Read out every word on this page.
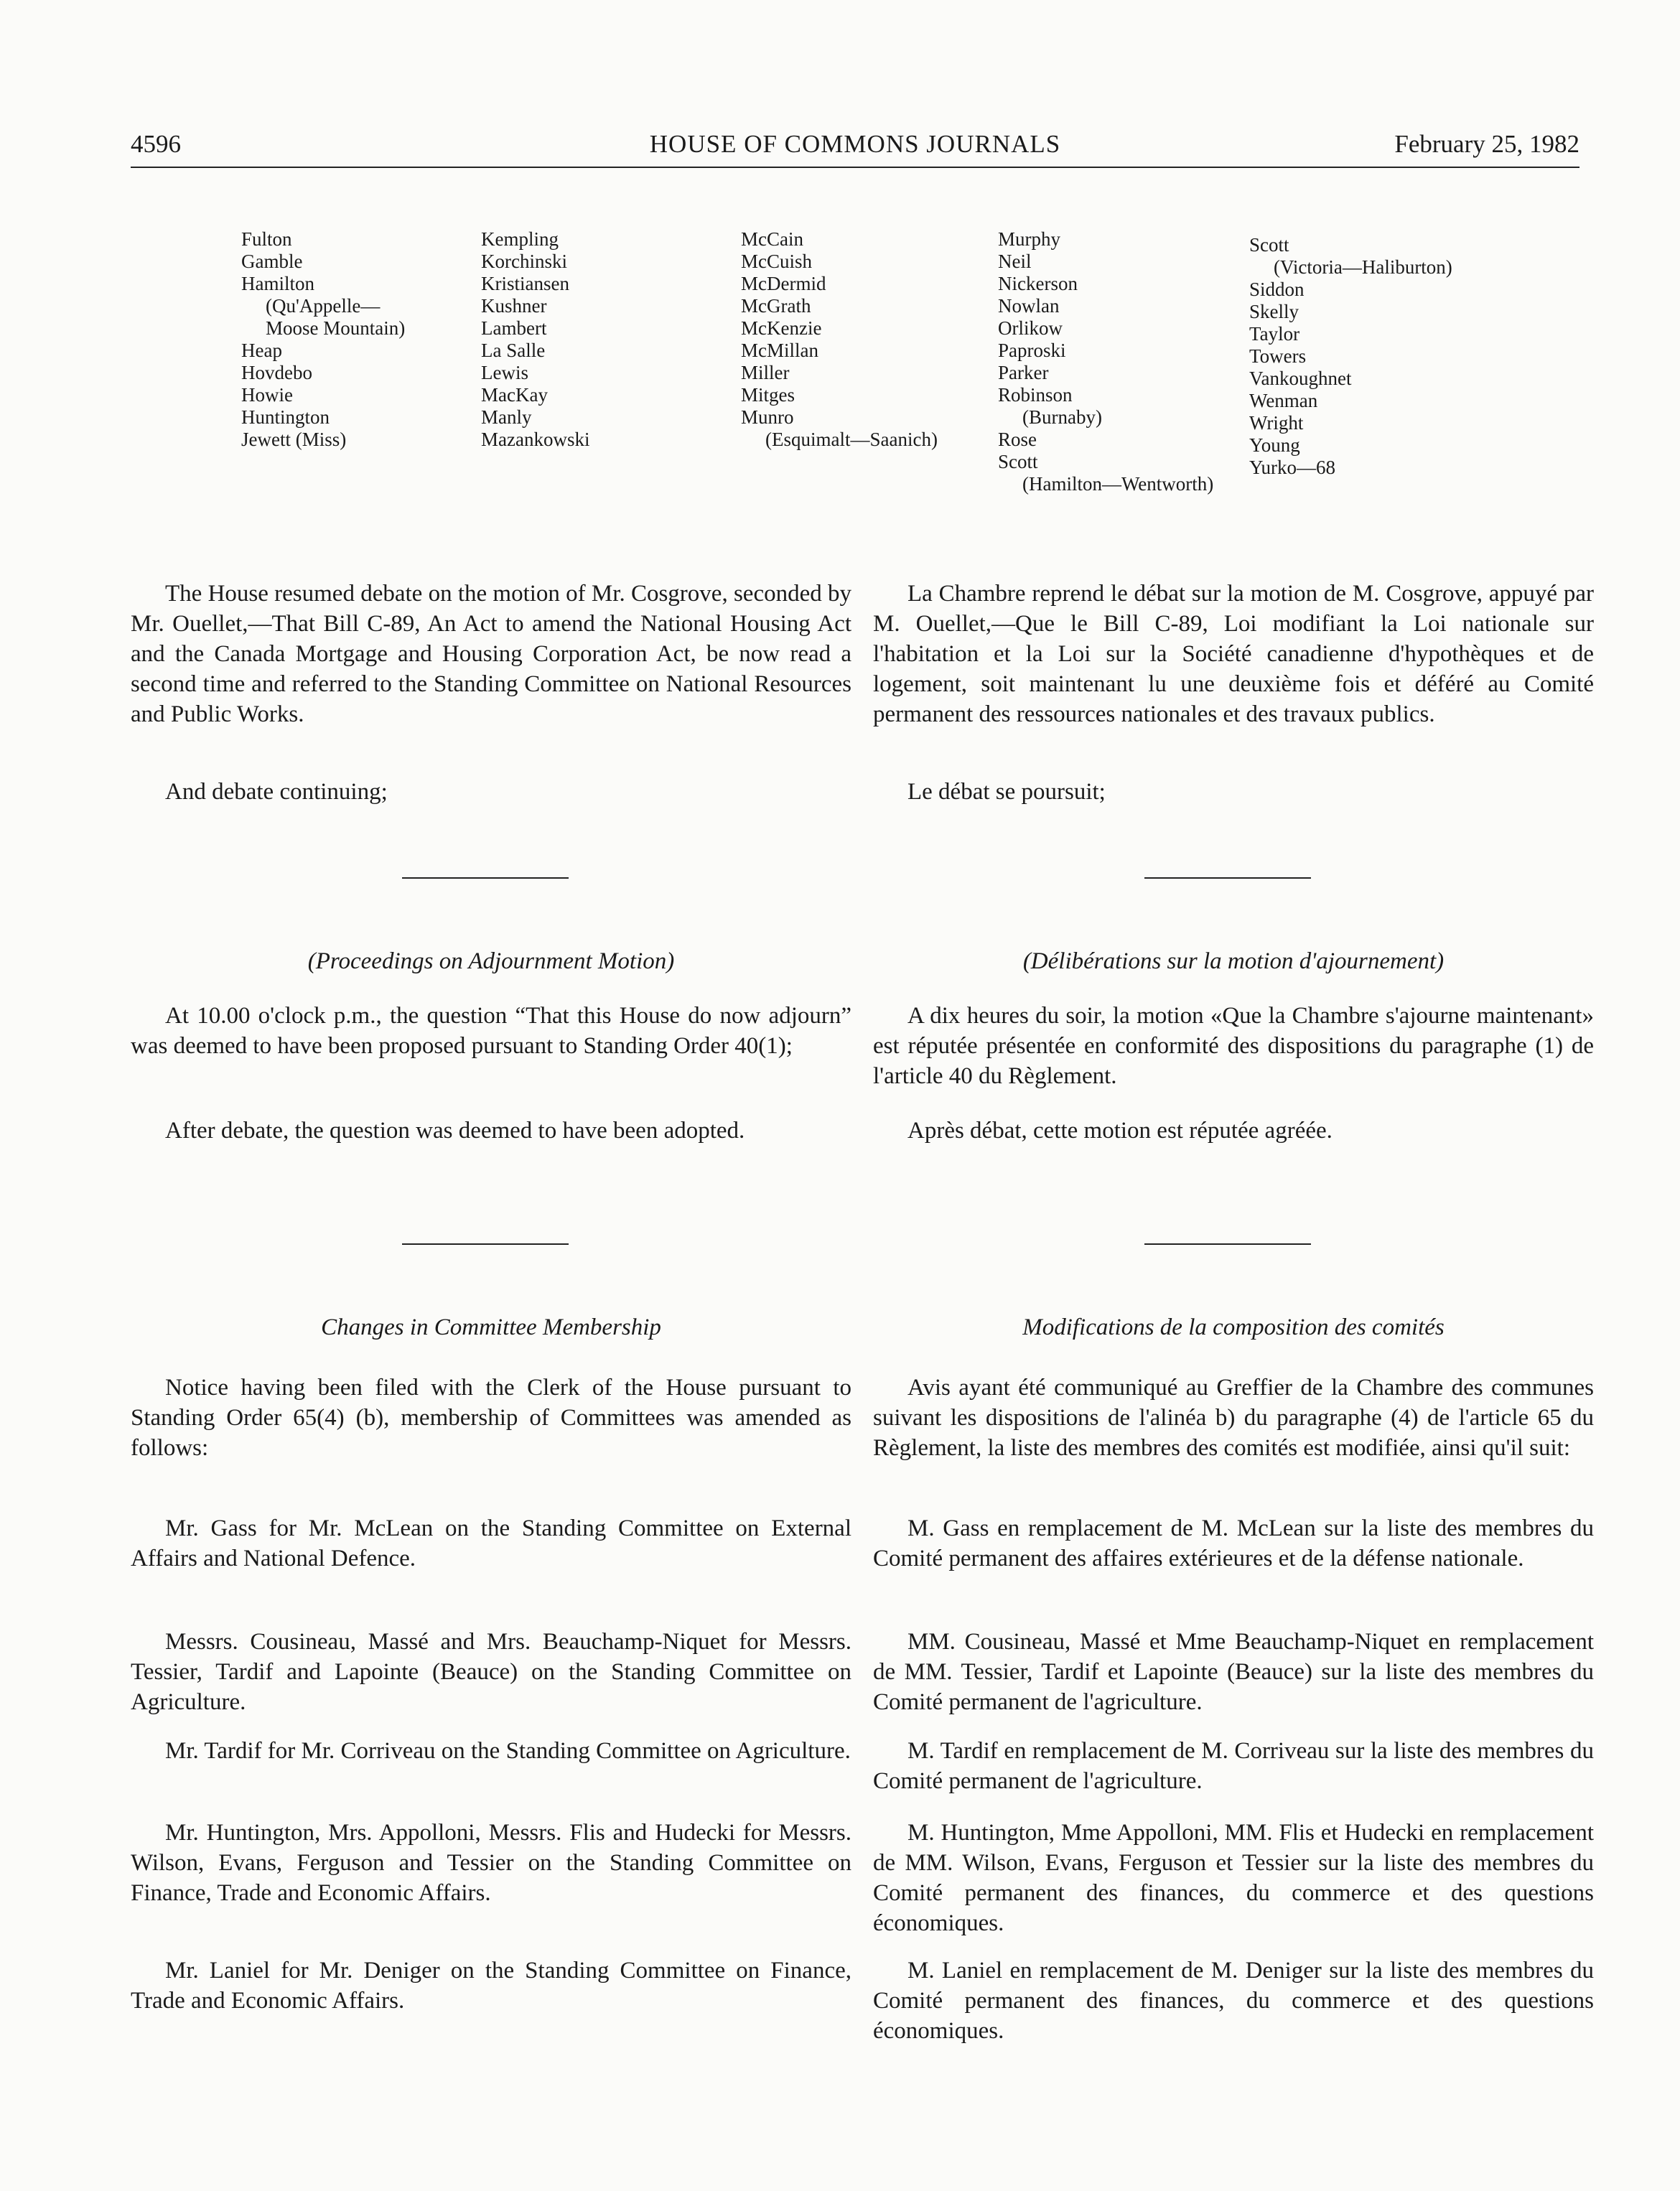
4596	HOUSE OF COMMONS JOURNALS	February 25, 1982
Fulton
Gamble
Hamilton
(Qu'Appelle—
Moose Mountain)
Heap
Hovdebo
Howie
Huntington
Jewett (Miss)
Kempling
Korchinski
Kristiansen
Kushner
Lambert
La Salle
Lewis
MacKay
Manly
Mazankowski
McCain
McCuish
McDermid
McGrath
McKenzie
McMillan
Miller
Mitges
Munro
(Esquimalt—Saanich)
Murphy
Neil
Nickerson
Nowlan
Orlikow
Paproski
Parker
Robinson
(Burnaby)
Rose
Scott
(Hamilton—Wentworth)
Scott
(Victoria—Haliburton)
Siddon
Skelly
Taylor
Towers
Vankoughnet
Wenman
Wright
Young
Yurko—68

The House resumed debate on the motion of Mr. Cosgrove, seconded by Mr. Ouellet,—That Bill C-89, An Act to amend the National Housing Act and the Canada Mortgage and Housing Corporation Act, be now read a second time and referred to the Standing Committee on National Resources and Public Works.

And debate continuing;

(Proceedings on Adjournment Motion)

At 10.00 o'clock p.m., the question “That this House do now adjourn” was deemed to have been proposed pursuant to Standing Order 40(1);

After debate, the question was deemed to have been adopted.

Changes in Committee Membership

Notice having been filed with the Clerk of the House pursuant to Standing Order 65(4) (b), membership of Committees was amended as follows:

Mr. Gass for Mr. McLean on the Standing Committee on External Affairs and National Defence.

Messrs. Cousineau, Massé and Mrs. Beauchamp-Niquet for Messrs. Tessier, Tardif and Lapointe (Beauce) on the Standing Committee on Agriculture.

Mr. Tardif for Mr. Corriveau on the Standing Committee on Agriculture.

Mr. Huntington, Mrs. Appolloni, Messrs. Flis and Hudecki for Messrs. Wilson, Evans, Ferguson and Tessier on the Standing Committee on Finance, Trade and Economic Affairs.

Mr. Laniel for Mr. Deniger on the Standing Committee on Finance, Trade and Economic Affairs.

La Chambre reprend le débat sur la motion de M. Cosgrove, appuyé par M. Ouellet,—Que le Bill C-89, Loi modifiant la Loi nationale sur l'habitation et la Loi sur la Société canadienne d'hypothèques et de logement, soit maintenant lu une deuxième fois et déféré au Comité permanent des ressources nationales et des travaux publics.

Le débat se poursuit;

(Délibérations sur la motion d'ajournement)

A dix heures du soir, la motion «Que la Chambre s'ajourne maintenant» est réputée présentée en conformité des dispositions du paragraphe (1) de l'article 40 du Règlement.

Après débat, cette motion est réputée agréée.

Modifications de la composition des comités

Avis ayant été communiqué au Greffier de la Chambre des communes suivant les dispositions de l'alinéa b) du paragraphe (4) de l'article 65 du Règlement, la liste des membres des comités est modifiée, ainsi qu'il suit:

M. Gass en remplacement de M. McLean sur la liste des membres du Comité permanent des affaires extérieures et de la défense nationale.

MM. Cousineau, Massé et Mme Beauchamp-Niquet en remplacement de MM. Tessier, Tardif et Lapointe (Beauce) sur la liste des membres du Comité permanent de l'agriculture.

M. Tardif en remplacement de M. Corriveau sur la liste des membres du Comité permanent de l'agriculture.

M. Huntington, Mme Appolloni, MM. Flis et Hudecki en remplacement de MM. Wilson, Evans, Ferguson et Tessier sur la liste des membres du Comité permanent des finances, du commerce et des questions économiques.

M. Laniel en remplacement de M. Deniger sur la liste des membres du Comité permanent des finances, du commerce et des questions économiques.
